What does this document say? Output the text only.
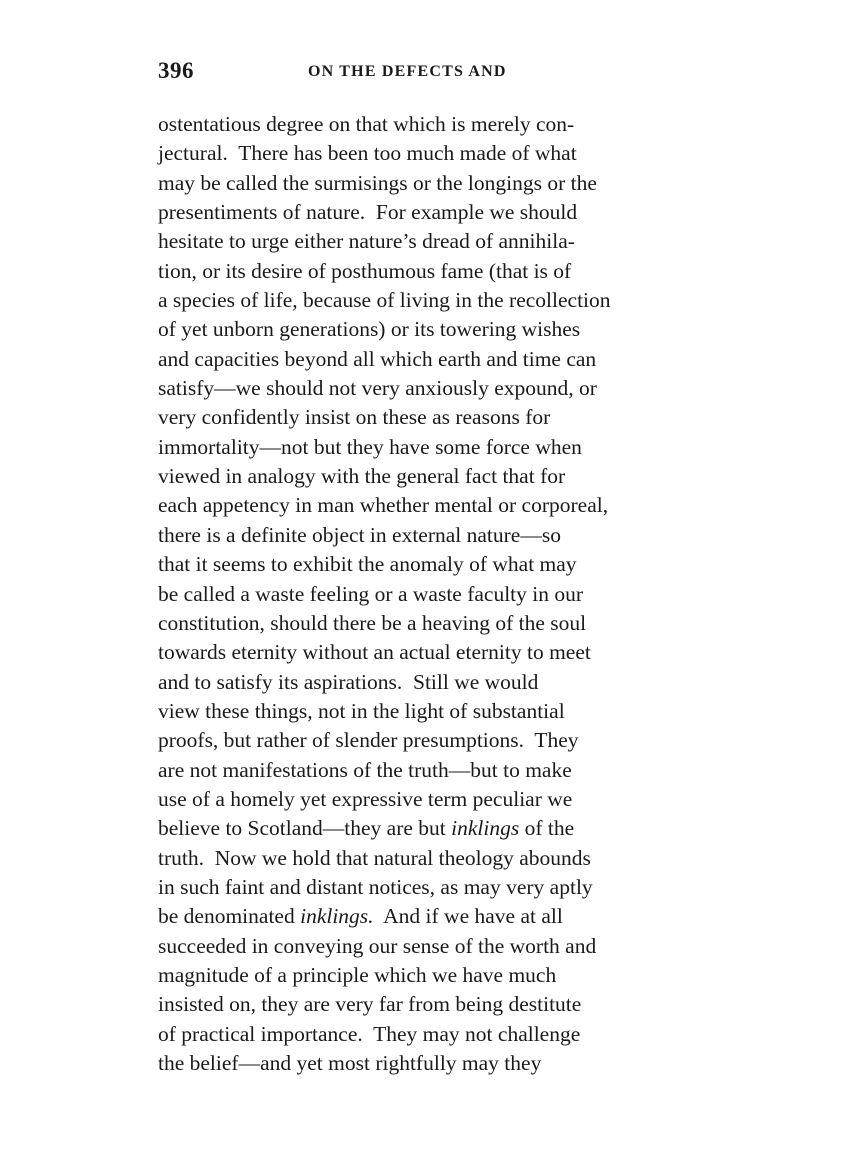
396	ON THE DEFECTS AND
ostentatious degree on that which is merely con-
jectural.  There has been too much made of what
may be called the surmisings or the longings or the
presentiments of nature.  For example we should
hesitate to urge either nature’s dread of annihila-
tion, or its desire of posthumous fame (that is of
a species of life, because of living in the recollection
of yet unborn generations) or its towering wishes
and capacities beyond all which earth and time can
satisfy—we should not very anxiously expound, or
very confidently insist on these as reasons for
immortality—not but they have some force when
viewed in analogy with the general fact that for
each appetency in man whether mental or corporeal,
there is a definite object in external nature—so
that it seems to exhibit the anomaly of what may
be called a waste feeling or a waste faculty in our
constitution, should there be a heaving of the soul
towards eternity without an actual eternity to meet
and to satisfy its aspirations.  Still we would
view these things, not in the light of substantial
proofs, but rather of slender presumptions.  They
are not manifestations of the truth—but to make
use of a homely yet expressive term peculiar we
believe to Scotland—they are but inklings of the
truth.  Now we hold that natural theology abounds
in such faint and distant notices, as may very aptly
be denominated inklings.  And if we have at all
succeeded in conveying our sense of the worth and
magnitude of a principle which we have much
insisted on, they are very far from being destitute
of practical importance.  They may not challenge
the belief—and yet most rightfully may they
